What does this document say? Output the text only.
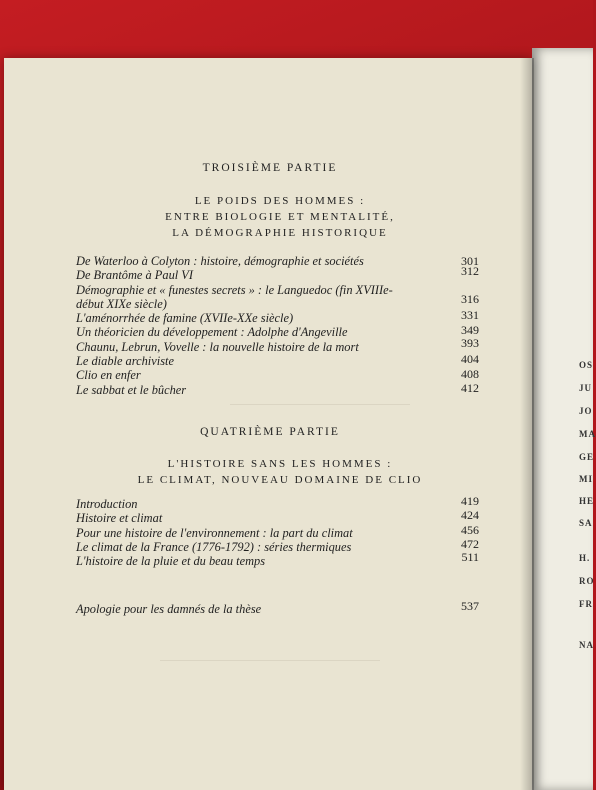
TROISIÈME PARTIE
LE POIDS DES HOMMES :
ENTRE BIOLOGIE ET MENTALITÉ,
LA DÉMOGRAPHIE HISTORIQUE
De Waterloo à Colyton : histoire, démographie et sociétés	301
De Brantôme à Paul VI	312
Démographie et « funestes secrets » : le Languedoc (fin XVIIIe-
début XIXe siècle)	316
L'aménorrhée de famine (XVIIe-XXe siècle)	331
Un théoricien du développement : Adolphe d'Angeville	349
Chaunu, Lebrun, Vovelle : la nouvelle histoire de la mort	393
Le diable archiviste	404
Clio en enfer	408
Le sabbat et le bûcher	412
QUATRIÈME PARTIE
L'HISTOIRE SANS LES HOMMES :
LE CLIMAT, NOUVEAU DOMAINE DE CLIO
Introduction	419
Histoire et climat	424
Pour une histoire de l'environnement : la part du climat	456
Le climat de la France (1776-1792) : séries thermiques	472
L'histoire de la pluie et du beau temps	511
Apologie pour les damnés de la thèse	537
OS
JU
JO
MA
GE
MI
HE
SA
H.
RO
FR
NA
